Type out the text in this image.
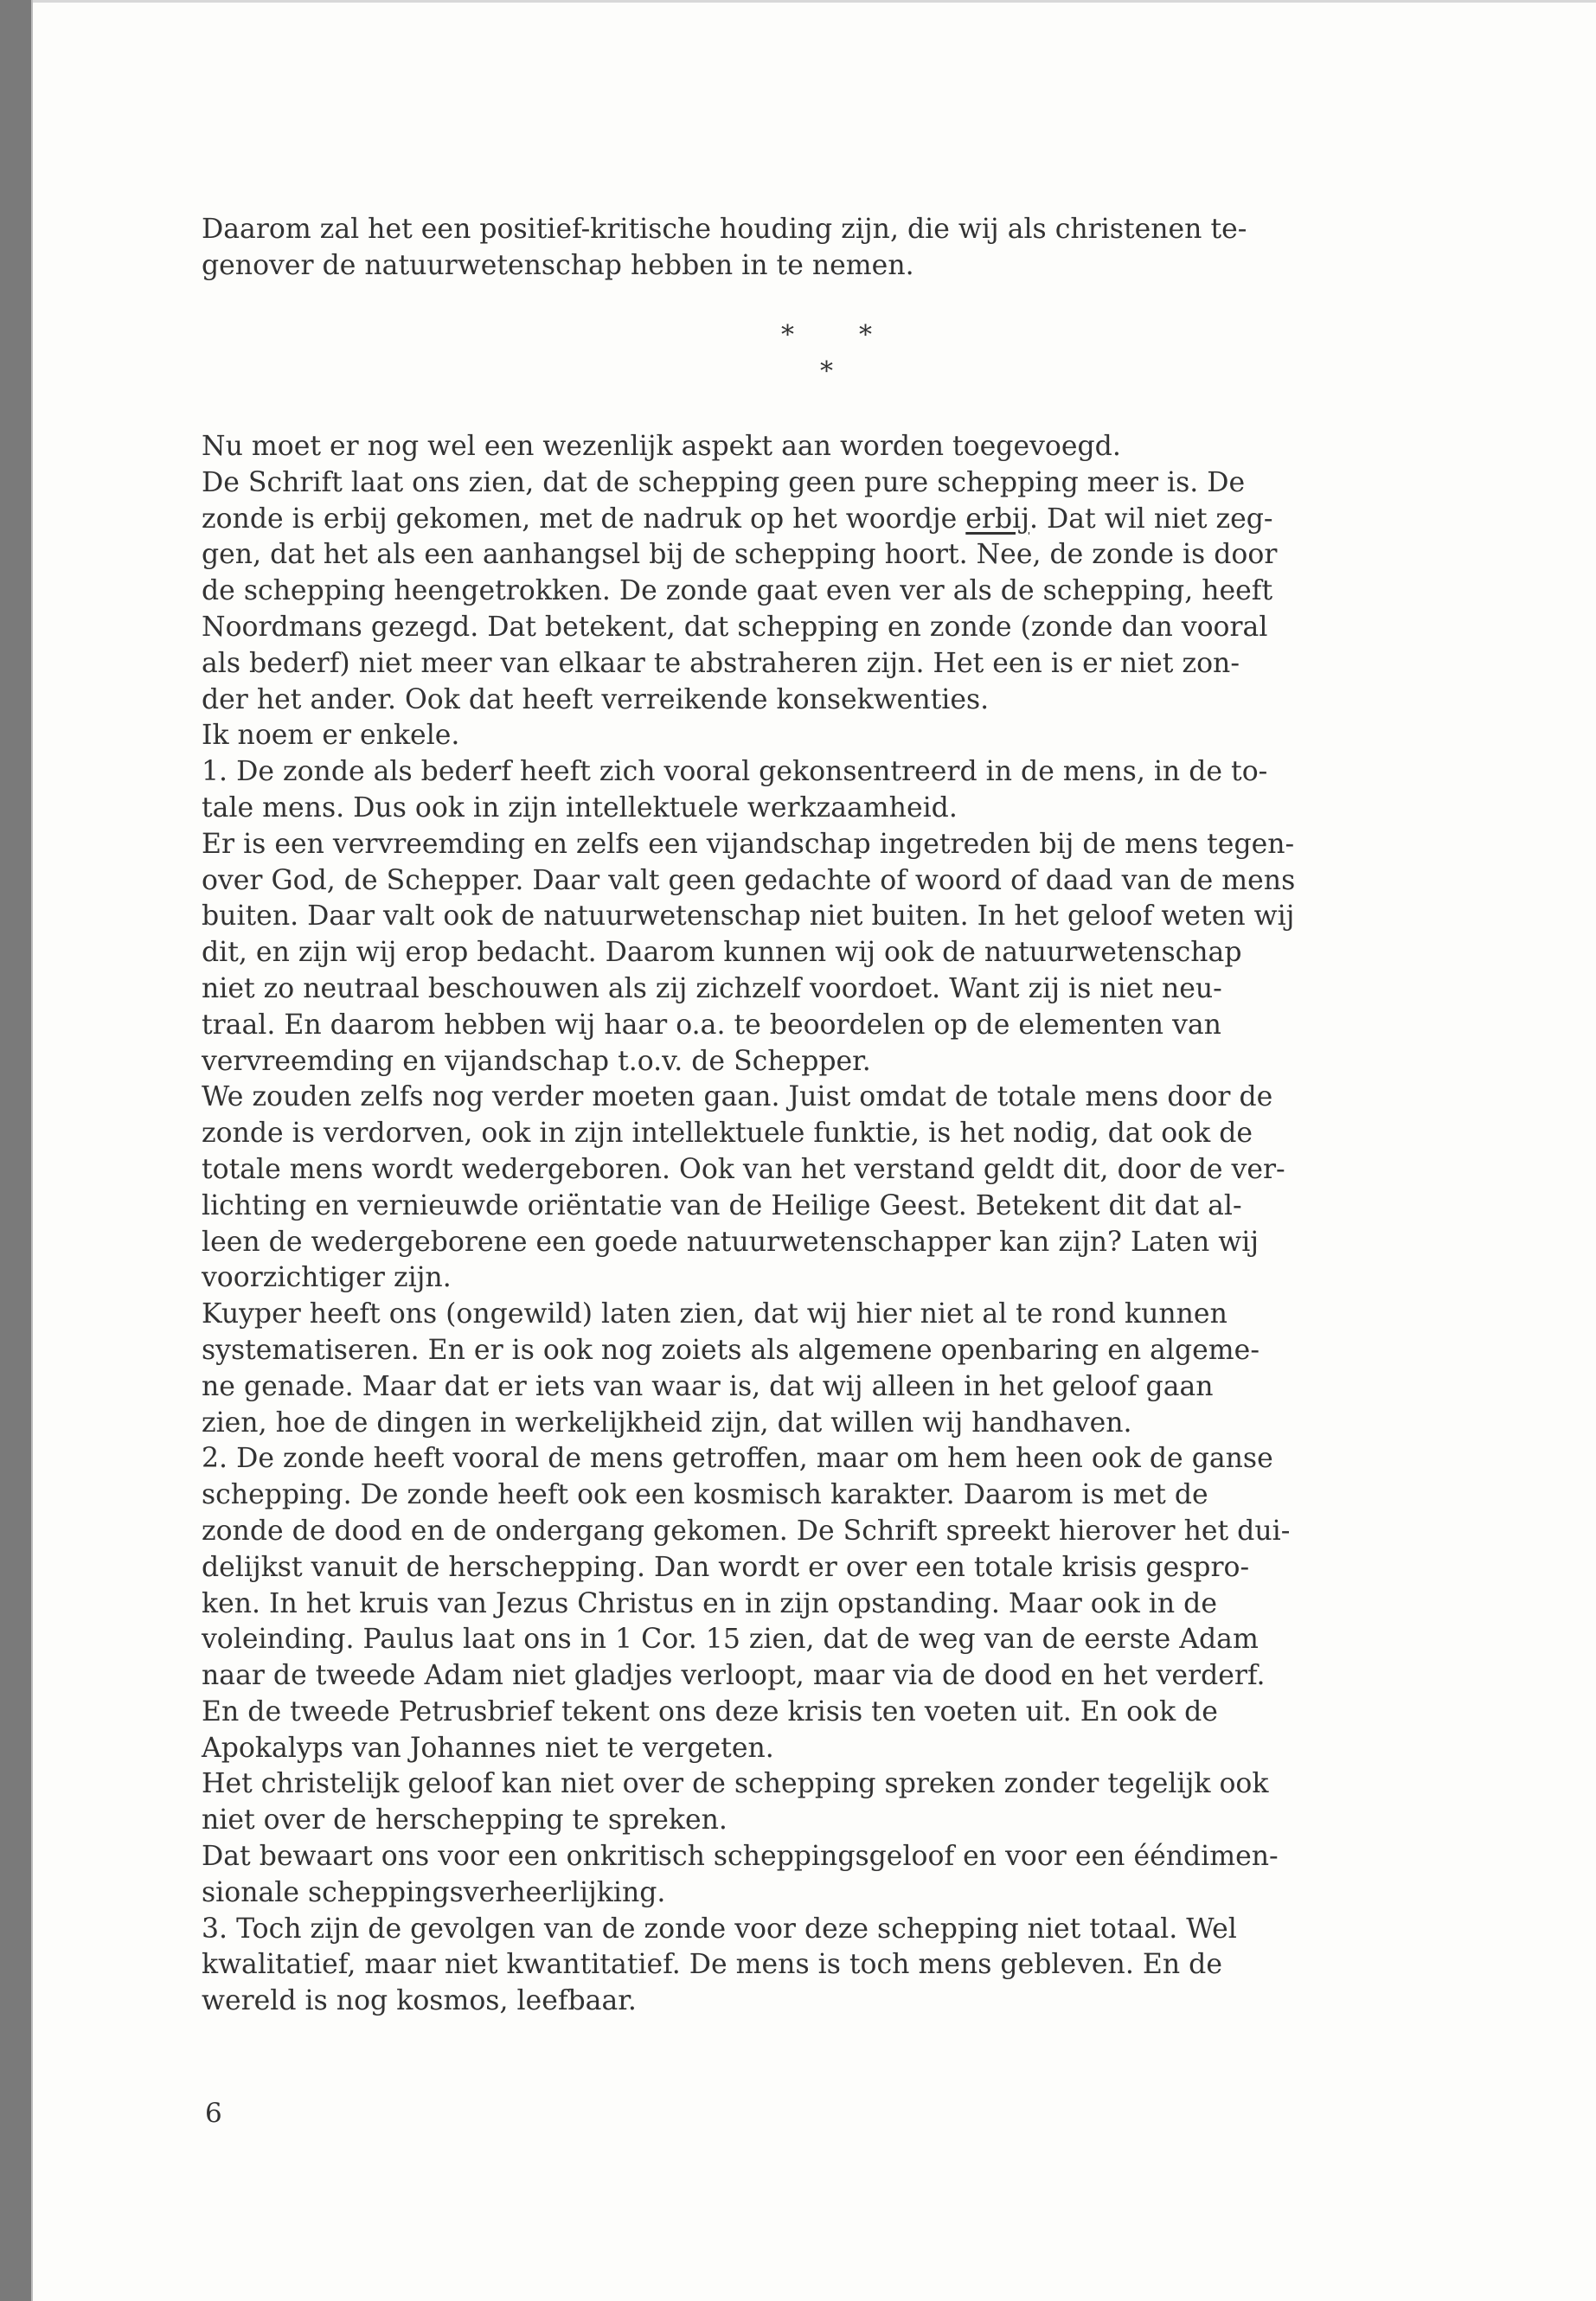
Daarom zal het een positief-kritische houding zijn, die wij als christenen te-
genover de natuurwetenschap hebben in te nemen.
*	*
*
Nu moet er nog wel een wezenlijk aspekt aan worden toegevoegd.
De Schrift laat ons zien, dat de schepping geen pure schepping meer is. De
zonde is erbij gekomen, met de nadruk op het woordje erbij. Dat wil niet zeg-
gen, dat het als een aanhangsel bij de schepping hoort. Nee, de zonde is door
de schepping heengetrokken. De zonde gaat even ver als de schepping, heeft
Noordmans gezegd. Dat betekent, dat schepping en zonde (zonde dan vooral
als bederf) niet meer van elkaar te abstraheren zijn. Het een is er niet zon-
der het ander. Ook dat heeft verreikende konsekwenties.
Ik noem er enkele.
1. De zonde als bederf heeft zich vooral gekonsentreerd in de mens, in de to-
tale mens. Dus ook in zijn intellektuele werkzaamheid.
Er is een vervreemding en zelfs een vijandschap ingetreden bij de mens tegen-
over God, de Schepper. Daar valt geen gedachte of woord of daad van de mens
buiten. Daar valt ook de natuurwetenschap niet buiten. In het geloof weten wij
dit, en zijn wij erop bedacht. Daarom kunnen wij ook de natuurwetenschap
niet zo neutraal beschouwen als zij zichzelf voordoet. Want zij is niet neu-
traal. En daarom hebben wij haar o.a. te beoordelen op de elementen van
vervreemding en vijandschap t.o.v. de Schepper.
We zouden zelfs nog verder moeten gaan. Juist omdat de totale mens door de
zonde is verdorven, ook in zijn intellektuele funktie, is het nodig, dat ook de
totale mens wordt wedergeboren. Ook van het verstand geldt dit, door de ver-
lichting en vernieuwde oriëntatie van de Heilige Geest. Betekent dit dat al-
leen de wedergeborene een goede natuurwetenschapper kan zijn? Laten wij
voorzichtiger zijn.
Kuyper heeft ons (ongewild) laten zien, dat wij hier niet al te rond kunnen
systematiseren. En er is ook nog zoiets als algemene openbaring en algeme-
ne genade. Maar dat er iets van waar is, dat wij alleen in het geloof gaan
zien, hoe de dingen in werkelijkheid zijn, dat willen wij handhaven.
2. De zonde heeft vooral de mens getroffen, maar om hem heen ook de ganse
schepping. De zonde heeft ook een kosmisch karakter. Daarom is met de
zonde de dood en de ondergang gekomen. De Schrift spreekt hierover het dui-
delijkst vanuit de herschepping. Dan wordt er over een totale krisis gespro-
ken. In het kruis van Jezus Christus en in zijn opstanding. Maar ook in de
voleinding. Paulus laat ons in 1 Cor. 15 zien, dat de weg van de eerste Adam
naar de tweede Adam niet gladjes verloopt, maar via de dood en het verderf.
En de tweede Petrusbrief tekent ons deze krisis ten voeten uit. En ook de
Apokalyps van Johannes niet te vergeten.
Het christelijk geloof kan niet over de schepping spreken zonder tegelijk ook
niet over de herschepping te spreken.
Dat bewaart ons voor een onkritisch scheppingsgeloof en voor een ééndimen-
sionale scheppingsverheerlijking.
3. Toch zijn de gevolgen van de zonde voor deze schepping niet totaal. Wel
kwalitatief, maar niet kwantitatief. De mens is toch mens gebleven. En de
wereld is nog kosmos, leefbaar.
6
